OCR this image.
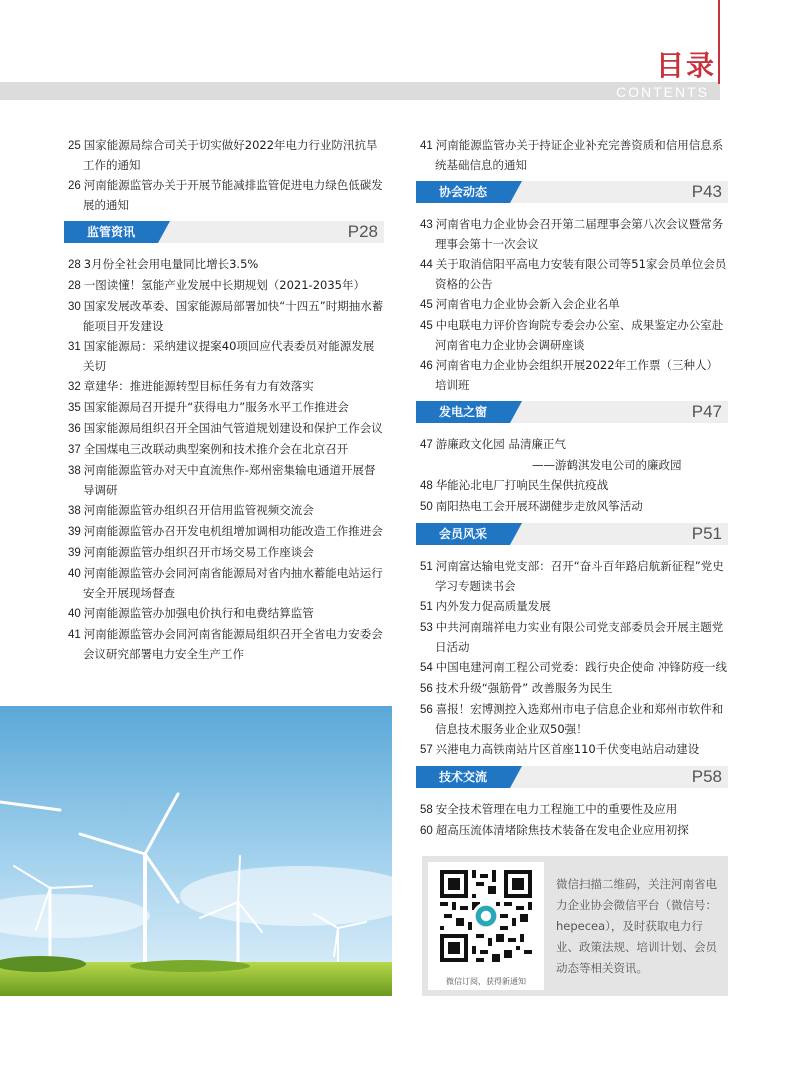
目录
CONTENTS
25 国家能源局综合司关于切实做好2022年电力行业防汛抗旱工作的通知
26 河南能源监管办关于开展节能减排监管促进电力绿色低碳发展的通知
监管资讯	P28
28 3月份全社会用电量同比增长3.5%
28 一图读懂！氢能产业发展中长期规划（2021-2035年）
30 国家发展改革委、国家能源局部署加快“十四五”时期抽水蓄能项目开发建设
31 国家能源局：采纳建议提案40项回应代表委员对能源发展关切
32 章建华：推进能源转型目标任务有力有效落实
35 国家能源局召开提升“获得电力”服务水平工作推进会
36 国家能源局组织召开全国油气管道规划建设和保护工作会议
37 全国煤电三改联动典型案例和技术推介会在北京召开
38 河南能源监管办对天中直流焦作-郑州密集输电通道开展督导调研
38 河南能源监管办组织召开信用监管视频交流会
39 河南能源监管办召开发电机组增加调相功能改造工作推进会
39 河南能源监管办组织召开市场交易工作座谈会
40 河南能源监管办会同河南省能源局对省内抽水蓄能电站运行安全开展现场督查
40 河南能源监管办加强电价执行和电费结算监管
41 河南能源监管办会同河南省能源局组织召开全省电力安委会会议研究部署电力安全生产工作
41 河南能源监管办关于持证企业补充完善资质和信用信息系统基础信息的通知
协会动态	P43
43 河南省电力企业协会召开第二届理事会第八次会议暨常务理事会第十一次会议
44 关于取消信阳平高电力安装有限公司等51家会员单位会员资格的公告
45 河南省电力企业协会新入会企业名单
45 中电联电力评价咨询院专委会办公室、成果鉴定办公室赴河南省电力企业协会调研座谈
46 河南省电力企业协会组织开展2022年工作票（三种人）培训班
发电之窗	P47
47 游廉政文化园 品清廉正气
——游鹤淇发电公司的廉政园
48 华能沁北电厂打响民生保供抗疫战
50 南阳热电工会开展环湖健步走放风筝活动
会员风采	P51
51 河南富达输电党支部：召开“奋斗百年路启航新征程”党史学习专题读书会
51 内外发力促高质量发展
53 中共河南瑞祥电力实业有限公司党支部委员会开展主题党日活动
54 中国电建河南工程公司党委：践行央企使命 冲锋防疫一线
56 技术升级“强筋骨” 改善服务为民生
56 喜报！宏博测控入选郑州市电子信息企业和郑州市软件和信息技术服务业企业双50强！
57 兴港电力高铁南站片区首座110千伏变电站启动建设
技术交流	P58
58 安全技术管理在电力工程施工中的重要性及应用
60 超高压流体清堵除焦技术装备在发电企业应用初探
微信订阅，获得新通知
微信扫描二维码，关注河南省电力企业协会微信平台（微信号：hepecea），及时获取电力行业、政策法规、培训计划、会员动态等相关资讯。
